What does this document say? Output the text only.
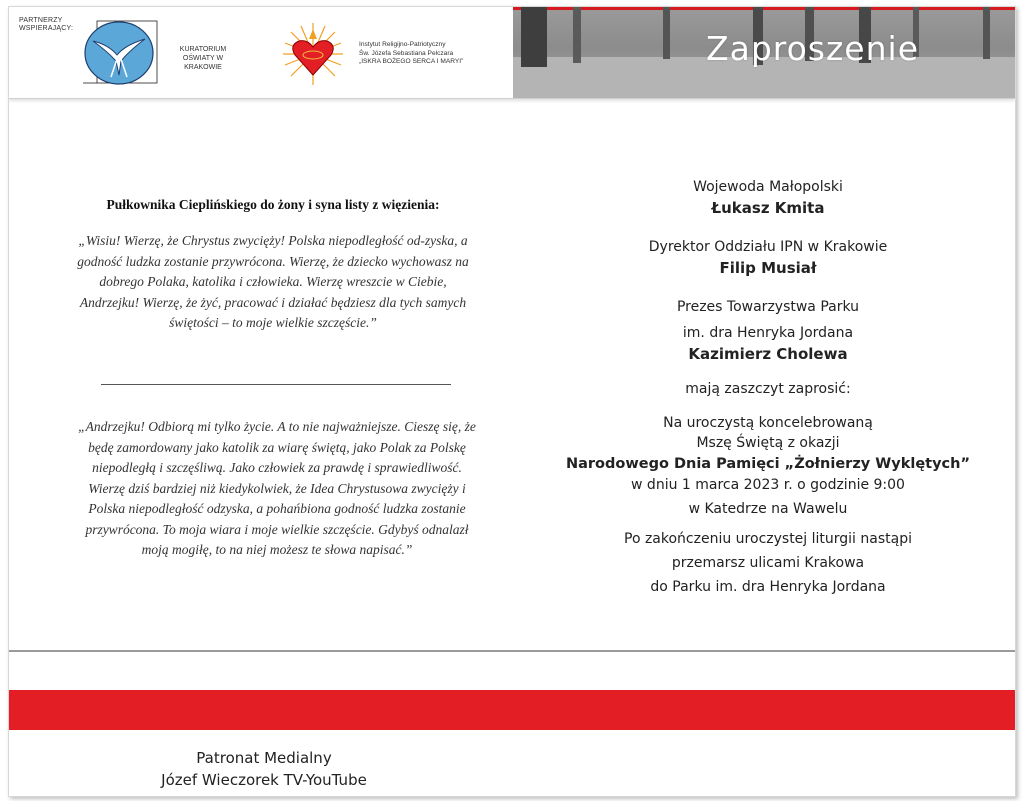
PARTNERZY
WSPIERAJĄCY:
KURATORIUM OŚWIATY W KRAKOWIE
Instytut Religijno-Patriotyczny
Św. Józefa Sebastiana Pelczara
„ISKRA BOŻEGO SERCA I MARYI”	Zaproszenie
Pułkownika Cieplińskiego do żony i syna listy z więzienia:
„Wisiu! Wierzę, że Chrystus zwycięży! Polska niepodległość od-zyska, a godność ludzka zostanie przywrócona. Wierzę, że dziecko wychowasz na dobrego Polaka, katolika i człowieka. Wierzę wreszcie w Ciebie, Andrzejku! Wierzę, że żyć, pracować i działać będziesz dla tych samych świętości – to moje wielkie szczęście.”
„Andrzejku! Odbiorą mi tylko życie. A to nie najważniejsze. Cieszę się, że będę zamordowany jako katolik za wiarę świętą, jako Polak za Polskę niepodległą i szczęśliwą. Jako człowiek za prawdę i sprawiedliwość. Wierzę dziś bardziej niż kiedykolwiek, że Idea Chrystusowa zwycięży i Polska niepodległość odzyska, a pohańbiona godność ludzka zostanie przywrócona. To moja wiara i moje wielkie szczęście. Gdybyś odnalazł moją mogiłę, to na niej możesz te słowa napisać.”
Wojewoda Małopolski
Łukasz Kmita
Dyrektor Oddziału IPN w Krakowie
Filip Musiał
Prezes Towarzystwa Parku
im. dra Henryka Jordana
Kazimierz Cholewa
mają zaszczyt zaprosić:
Na uroczystą koncelebrowaną
Mszę Świętą z okazji
Narodowego Dnia Pamięci „Żołnierzy Wyklętych”
w dniu 1 marca 2023 r. o godzinie 9:00
w Katedrze na Wawelu
Po zakończeniu uroczystej liturgii nastąpi
przemarsz ulicami Krakowa
do Parku im. dra Henryka Jordana
Patronat Medialny
Józef Wieczorek TV-YouTube
